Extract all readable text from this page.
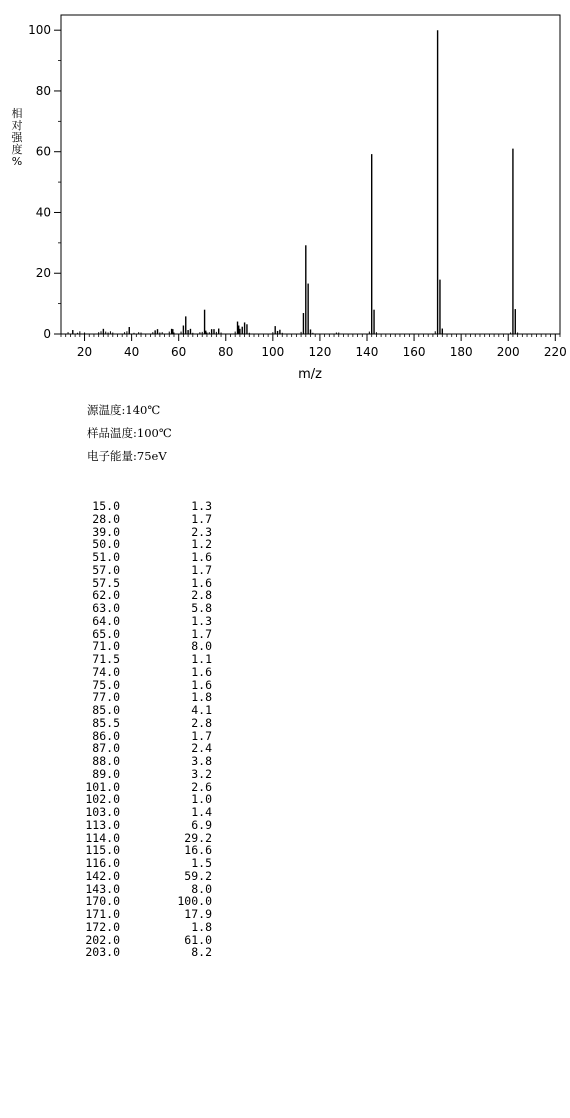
20	40	60	80 100 120 140 160 180 200 220
0
20
40
60
80
100
m/z
相
对
强
度
%
源温度:140℃
样品温度:100℃
电子能量:75eV
15.0	1.3
28.0	1.7
39.0	2.3
50.0	1.2
51.0	1.6
57.0	1.7
57.5	1.6
62.0	2.8
63.0	5.8
64.0	1.3
65.0	1.7
71.0	8.0
71.5	1.1
74.0	1.6
75.0	1.6
77.0	1.8
85.0	4.1
85.5	2.8
86.0	1.7
87.0	2.4
88.0	3.8
89.0	3.2
101.0	2.6
102.0	1.0
103.0	1.4
113.0	6.9
114.0	29.2
115.0	16.6
116.0	1.5
142.0	59.2
143.0	8.0
170.0	100.0
171.0	17.9
172.0	1.8
202.0	61.0
203.0	8.2
